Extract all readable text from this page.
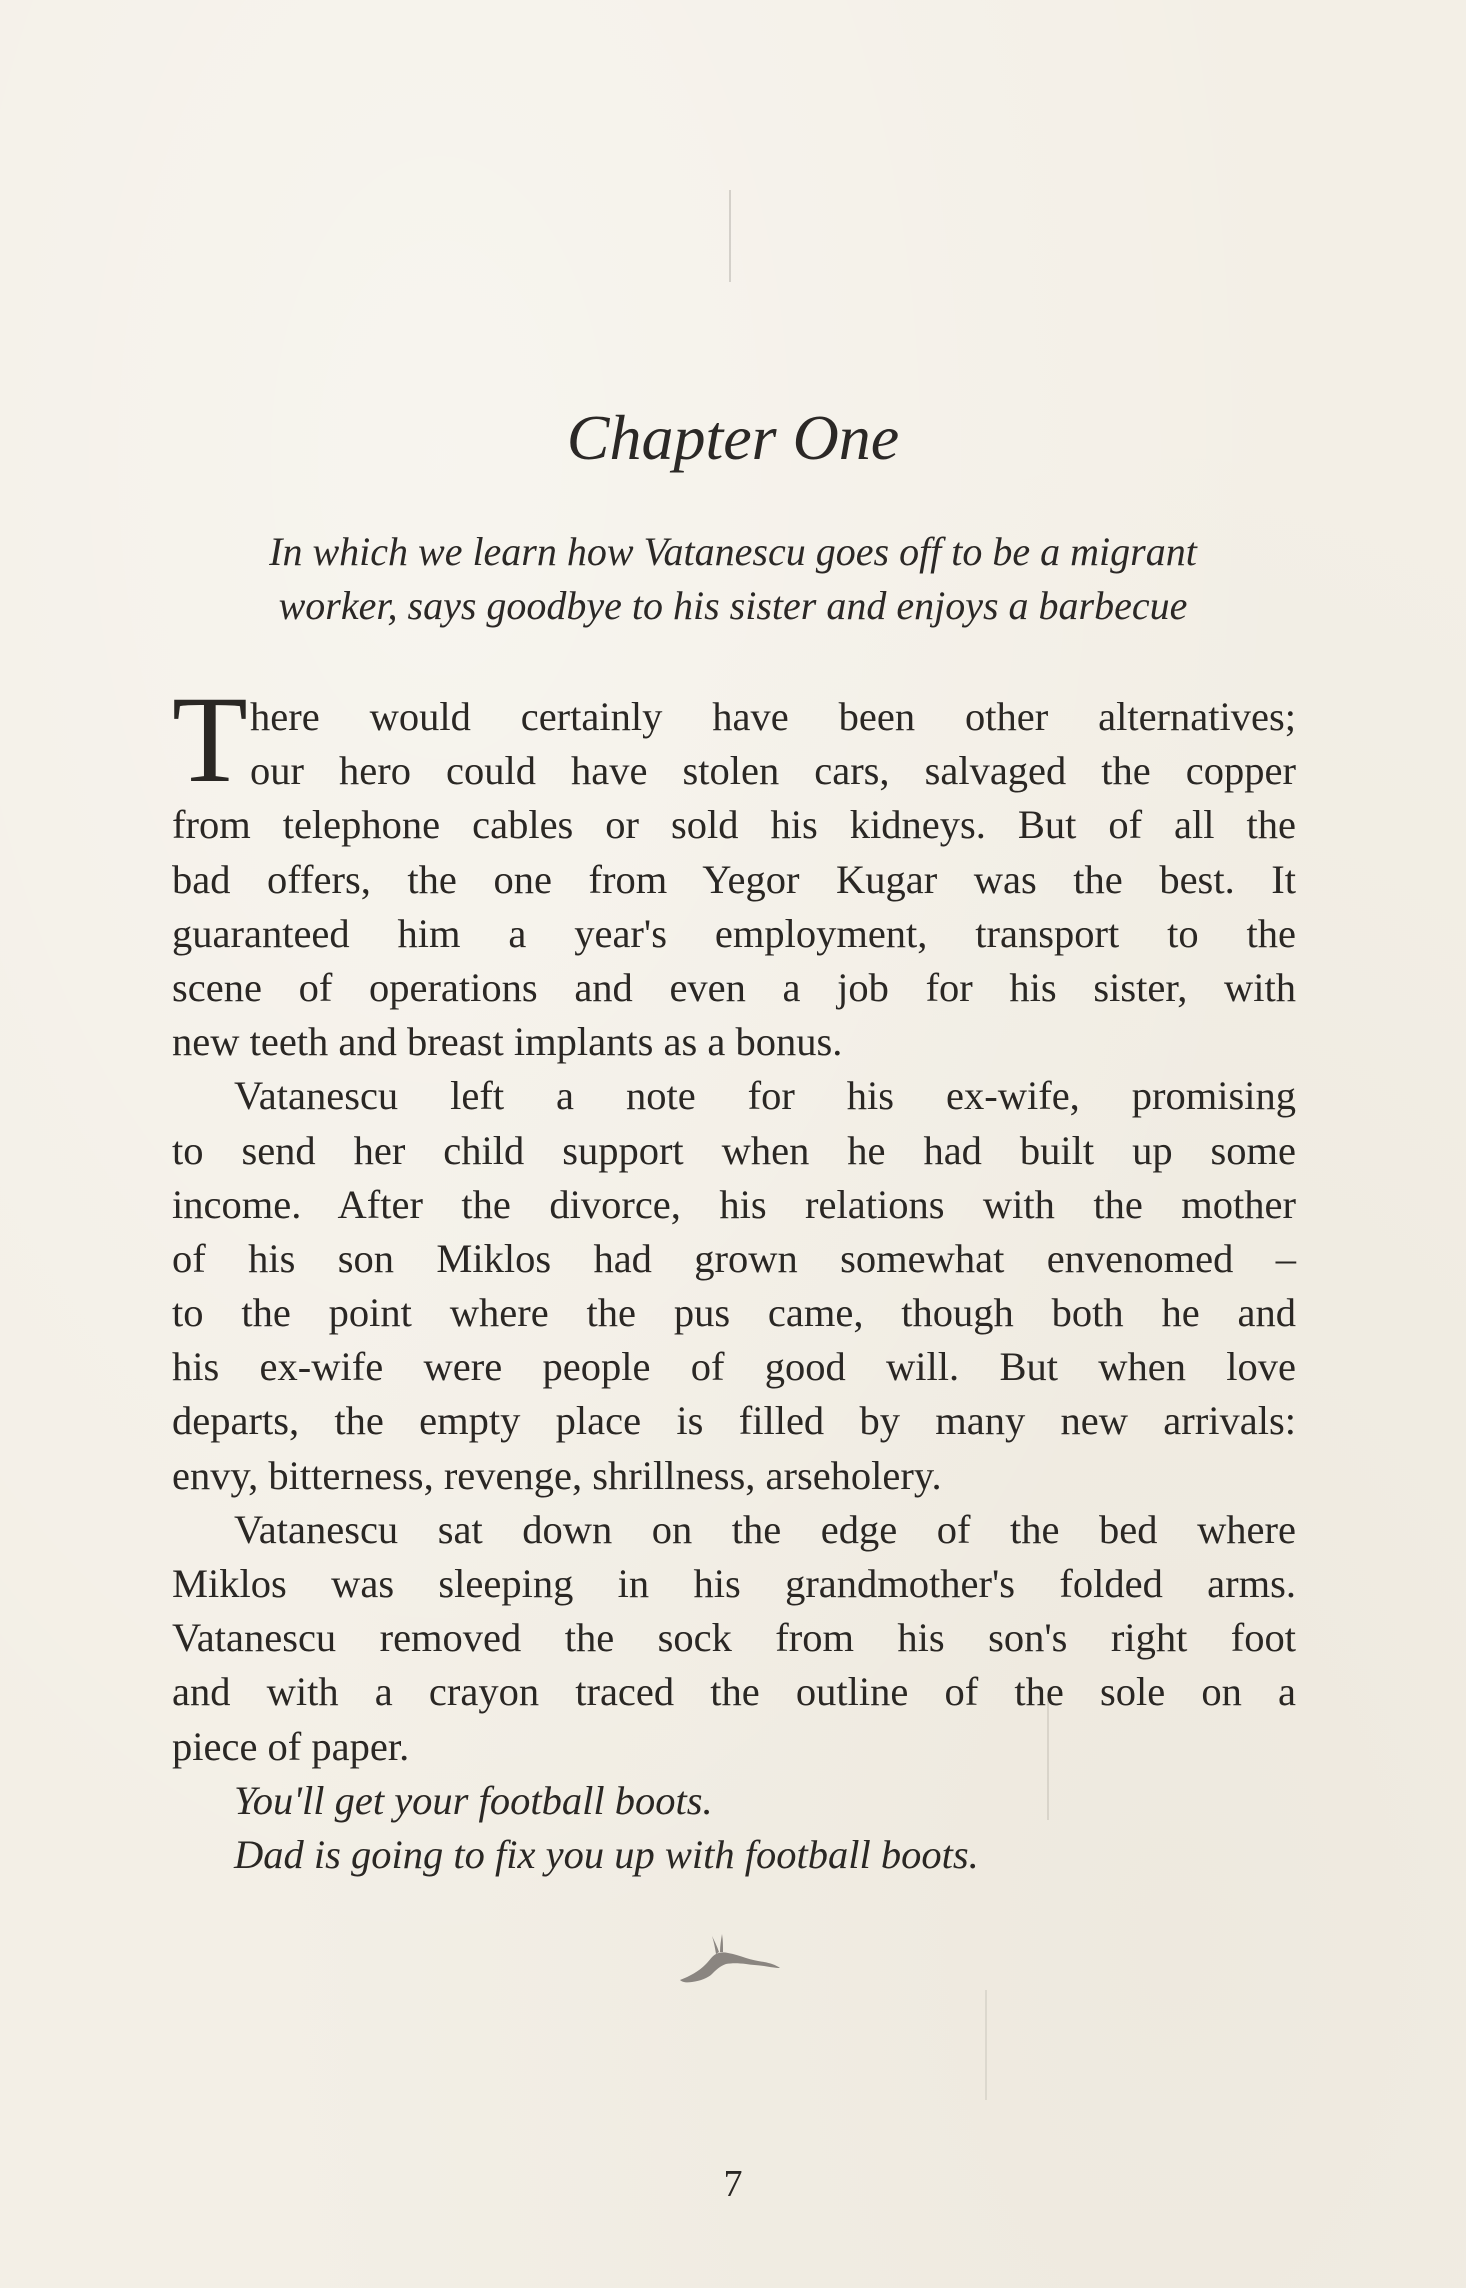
Chapter One
In which we learn how Vatanescu goes off to be a migrant
worker, says goodbye to his sister and enjoys a barbecue
T here would certainly have been other alternatives;
our hero could have stolen cars, salvaged the copper
from telephone cables or sold his kidneys. But of all the
bad offers, the one from Yegor Kugar was the best. It
guaranteed him a year's employment, transport to the
scene of operations and even a job for his sister, with
new teeth and breast implants as a bonus.
Vatanescu left a note for his ex-wife, promising
to send her child support when he had built up some
income. After the divorce, his relations with the mother
of his son Miklos had grown somewhat envenomed –
to the point where the pus came, though both he and
his ex-wife were people of good will. But when love
departs, the empty place is filled by many new arrivals:
envy, bitterness, revenge, shrillness, arseholery.
Vatanescu sat down on the edge of the bed where
Miklos was sleeping in his grandmother's folded arms.
Vatanescu removed the sock from his son's right foot
and with a crayon traced the outline of the sole on a
piece of paper.
You'll get your football boots.
Dad is going to fix you up with football boots.
7
